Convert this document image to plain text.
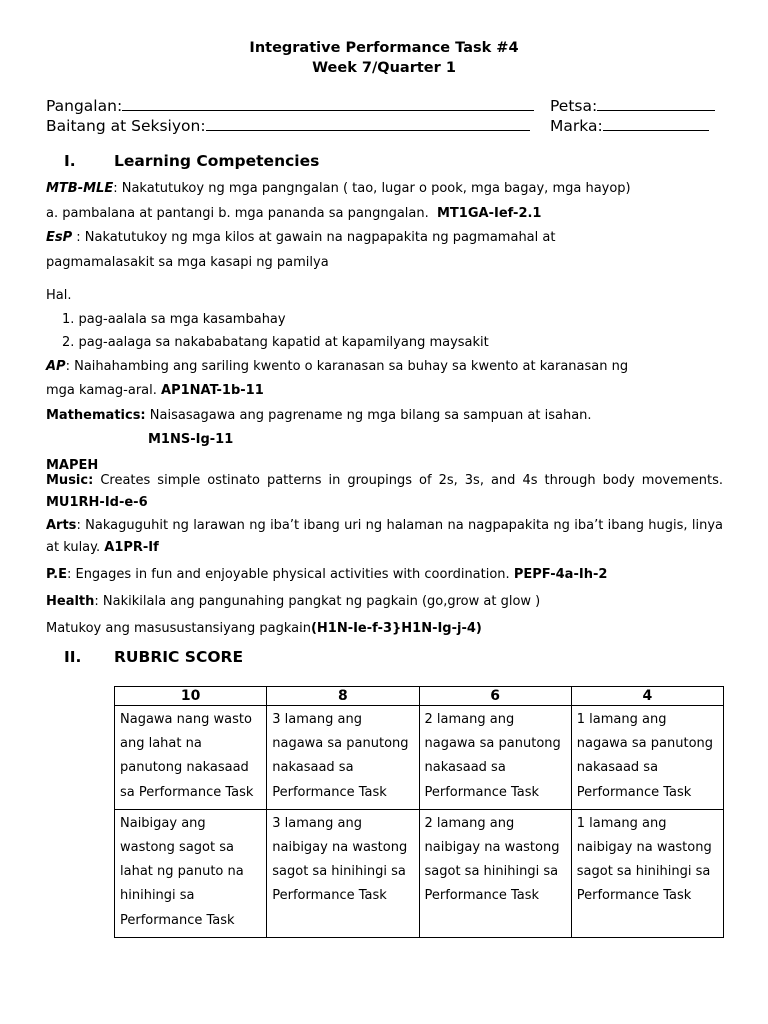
Integrative Performance Task #4
Week 7/Quarter 1
Pangalan:	Petsa:
Baitang at Seksiyon:	Marka:
I. Learning Competencies
MTB-MLE: Nakatutukoy ng mga pangngalan ( tao, lugar o pook, mga bagay, mga hayop)
a. pambalana at pantangi b. mga pananda sa pangngalan. MT1GA-Ief-2.1
EsP : Nakatutukoy ng mga kilos at gawain na nagpapakita ng pagmamahal at
pagmamalasakit sa mga kasapi ng pamilya
Hal.
1. pag-aalala sa mga kasambahay
2. pag-aalaga sa nakababatang kapatid at kapamilyang maysakit
AP: Naihahambing ang sariling kwento o karanasan sa buhay sa kwento at karanasan ng
mga kamag-aral. AP1NAT-1b-11
Mathematics: Naisasagawa ang pagrename ng mga bilang sa sampuan at isahan.
M1NS-Ig-11
MAPEH
Music: Creates simple ostinato patterns in groupings of 2s, 3s, and 4s through body movements. MU1RH-Id-e-6
Arts: Nakaguguhit ng larawan ng iba’t ibang uri ng halaman na nagpapakita ng iba’t ibang hugis, linya at kulay. A1PR-If
P.E: Engages in fun and enjoyable physical activities with coordination. PEPF-4a-Ih-2
Health: Nakikilala ang pangunahing pangkat ng pagkain (go,grow at glow )
Matukoy ang masusustansiyang pagkain(H1N-Ie-f-3}H1N-Ig-j-4)
II. RUBRIC SCORE
10	8	6	4
Nagawa nang wasto ang lahat na panutong nakasaad sa Performance Task	3 lamang ang nagawa sa panutong nakasaad sa Performance Task	2 lamang ang nagawa sa panutong nakasaad sa Performance Task	1 lamang ang nagawa sa panutong nakasaad sa Performance Task
Naibigay ang wastong sagot sa lahat ng panuto na hinihingi sa Performance Task	3 lamang ang naibigay na wastong sagot sa hinihingi sa Performance Task	2 lamang ang naibigay na wastong sagot sa hinihingi sa Performance Task	1 lamang ang naibigay na wastong sagot sa hinihingi sa Performance Task
